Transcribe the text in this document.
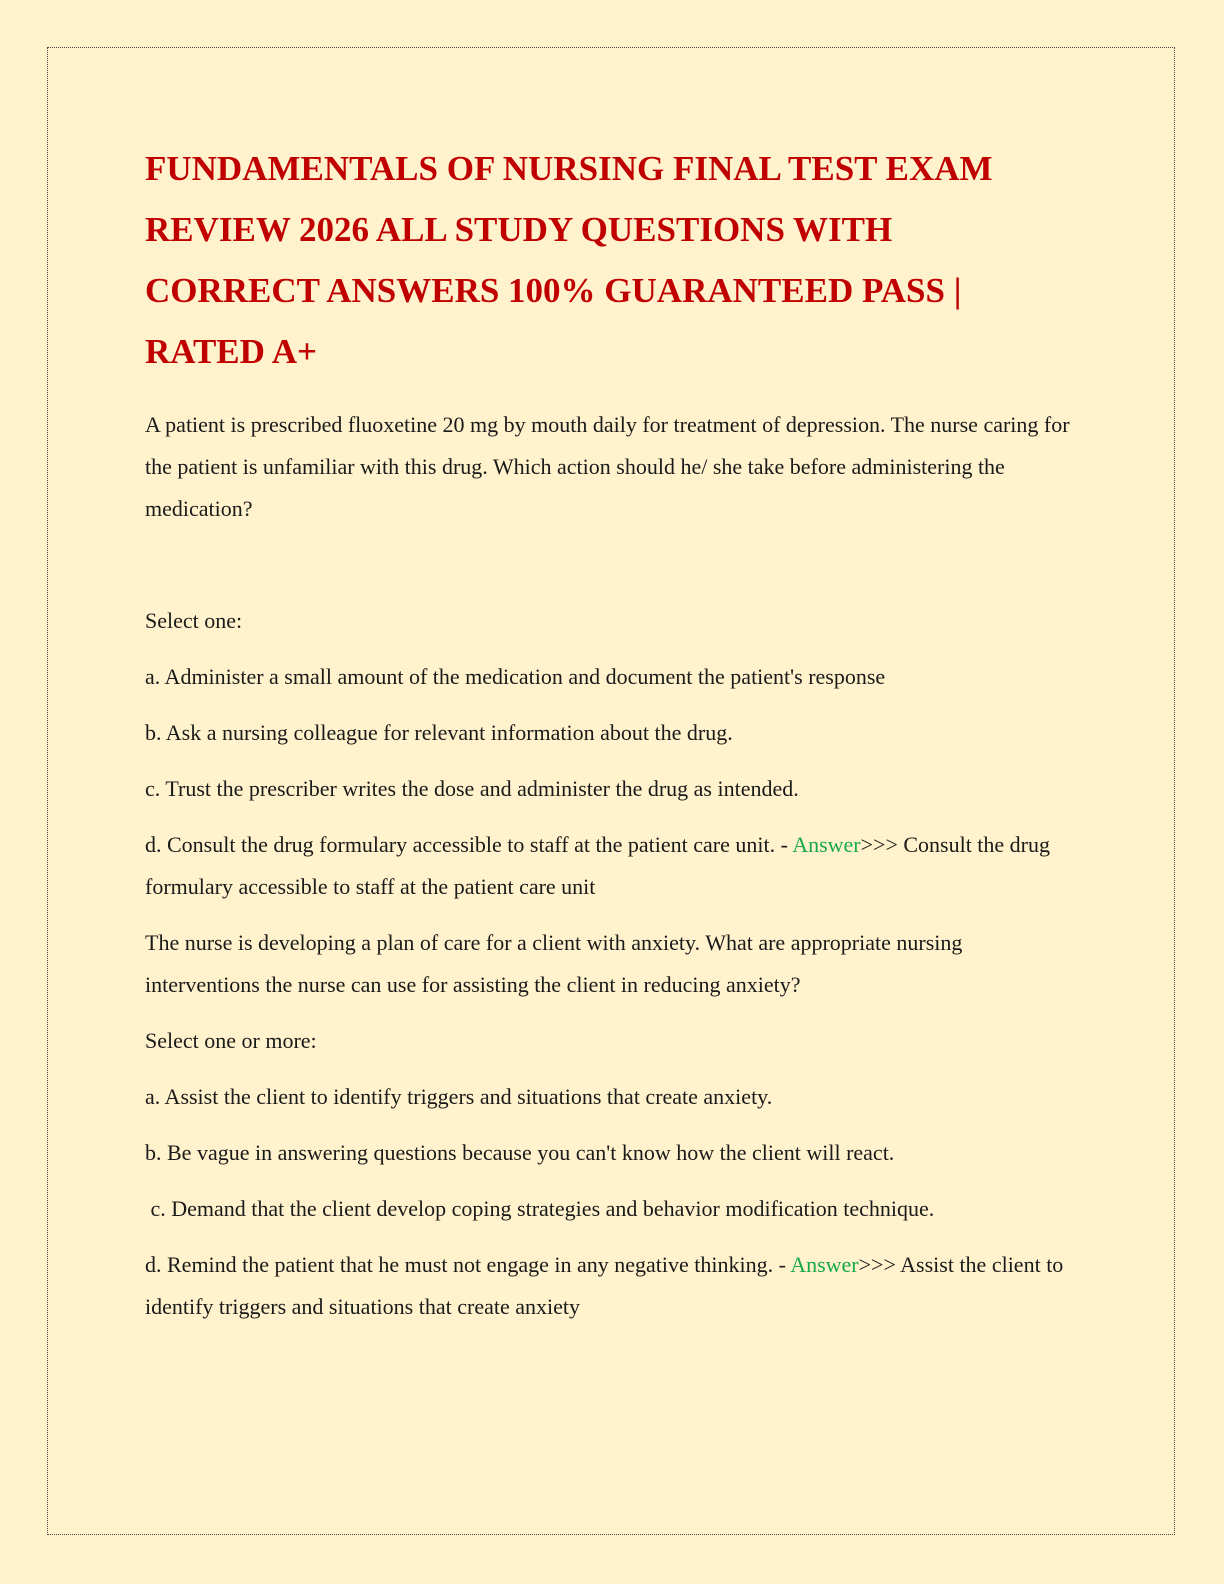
FUNDAMENTALS OF NURSING FINAL TEST EXAM REVIEW 2026 ALL STUDY QUESTIONS WITH CORRECT ANSWERS 100% GUARANTEED PASS | RATED A+
A patient is prescribed fluoxetine 20 mg by mouth daily for treatment of depression. The nurse caring for the patient is unfamiliar with this drug. Which action should he/ she take before administering the medication?
Select one:
a. Administer a small amount of the medication and document the patient's response
b. Ask a nursing colleague for relevant information about the drug.
c. Trust the prescriber writes the dose and administer the drug as intended.
d. Consult the drug formulary accessible to staff at the patient care unit. - Answer>>> Consult the drug formulary accessible to staff at the patient care unit
The nurse is developing a plan of care for a client with anxiety. What are appropriate nursing interventions the nurse can use for assisting the client in reducing anxiety?
Select one or more:
a. Assist the client to identify triggers and situations that create anxiety.
b. Be vague in answering questions because you can't know how the client will react.
c. Demand that the client develop coping strategies and behavior modification technique.
d. Remind the patient that he must not engage in any negative thinking. - Answer>>> Assist the client to identify triggers and situations that create anxiety
